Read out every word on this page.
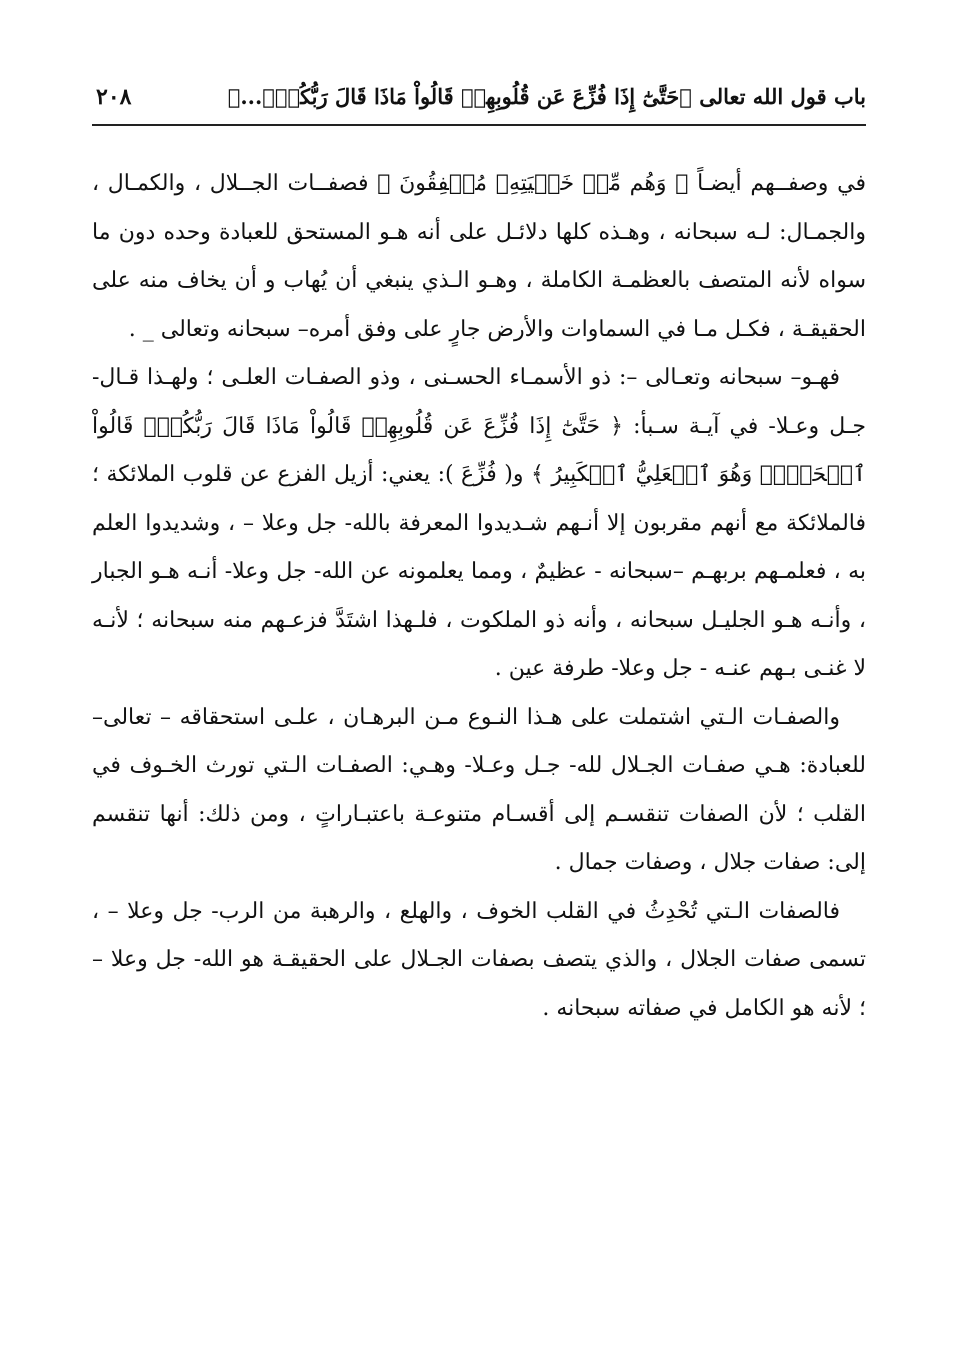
باب قول الله تعالى ﴿حَتَّىٰٓ إِذَا فُزِّعَ عَن قُلُوبِهِمۡ قَالُواْ مَاذَا قَالَ رَبُّكُمۡۖ...﴾
٢٠٨

في وصفــهم أيضـاً ﴿ وَهُم مِّنۡ خَشۡيَتِهِۦ مُشۡفِقُونَ ﴾ فصفــات الجــلال ، والكمـال ، والجمـال: لـه سبحانه ، وهـذه كلها دلائـل على أنه هـو المستحق للعبادة وحده دون ما سواه لأنه المتصف بالعظمـة الكاملة ، وهـو الـذي ينبغي أن يُهاب و أن يخاف منه على الحقيقـة ، فكـل مـا في السماوات والأرض جارٍ على وفق أمره– سبحانه وتعالى _ .

فهـو– سبحانه وتعـالى –: ذو الأسمـاء الحسـنى ، وذو الصفـات العلـى ؛ ولهـذا قـال- جـل وعـلا- في آيـة سـبأ: ﴿ حَتَّىٰٓ إِذَا فُزِّعَ عَن قُلُوبِهِمۡ قَالُواْ مَاذَا قَالَ رَبُّكُمۡۖ قَالُواْ ٱلۡحَقَّۖ وَهُوَ ٱلۡعَلِيُّ ٱلۡكَبِيرُ ﴾ و( فُزِّعَ ): يعني: أزيل الفزع عن قلوب الملائكة ؛ فالملائكة مع أنهم مقربون إلا أنـهم شـديدوا المعرفة بالله- جل وعلا – ، وشديدوا العلم به ، فعلمـهم بربهـم –سبحانه - عظيمٌ ، ومما يعلمونه عن الله- جل وعلا- أنـه هـو الجبار ، وأنـه هـو الجليـل سبحانه ، وأنه ذو الملكوت ، فلـهذا اشتَدَّ فزعـهم منه سبحانه ؛ لأنـه لا غنـى بـهم عنـه - جل وعلا- طرفة عين .

والصفـات الـتي اشتملت على هـذا النـوع مـن البرهـان ، علـى استحقاقه – تعالى– للعبادة: هـي صفـات الجـلال لله- جـل وعـلا- وهـي: الصفـات الـتي تورث الخـوف في القلب ؛ لأن الصفات تنقسـم إلى أقسـام متنوعـة باعتبـاراتٍ ، ومن ذلك: أنها تنقسم إلى: صفات جلال ، وصفات جمال .

فالصفات الـتي تُحْدِثُ في القلب الخوف ، والهلع ، والرهبة من الرب- جل وعلا – ، تسمى صفات الجلال ، والذي يتصف بصفات الجـلال على الحقيقـة هو الله- جل وعلا – ؛ لأنه هو الكامل في صفاته سبحانه .
